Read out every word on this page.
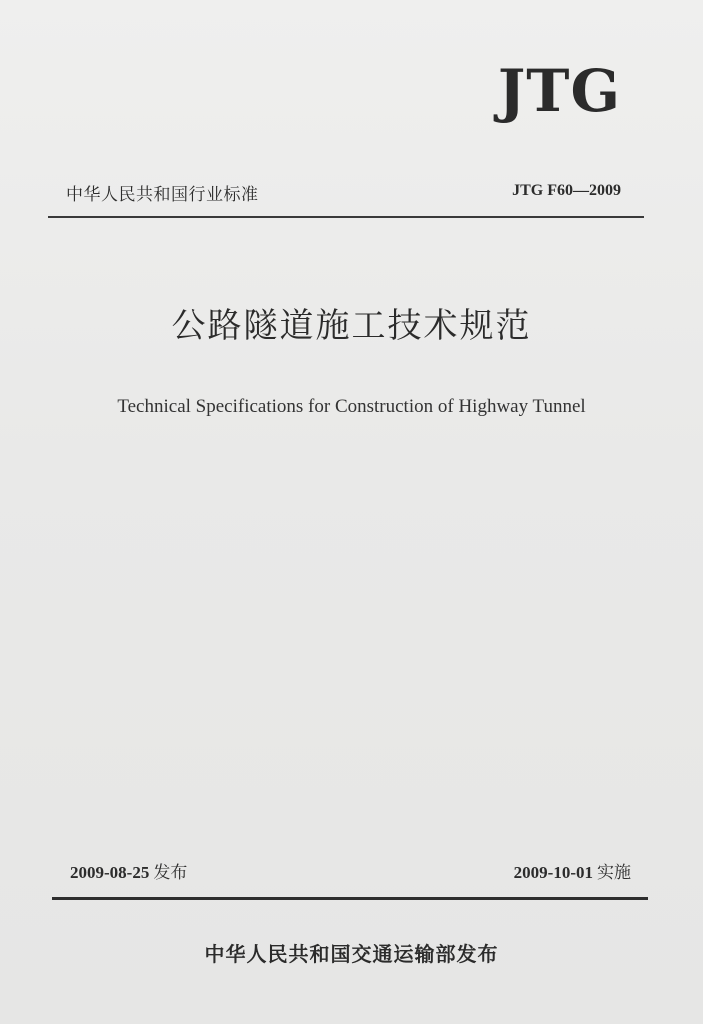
JTG
中华人民共和国行业标准	JTG F60—2009
公路隧道施工技术规范
Technical Specifications for Construction of Highway Tunnel
2009-08-25 发布	2009-10-01 实施
中华人民共和国交通运输部发布
